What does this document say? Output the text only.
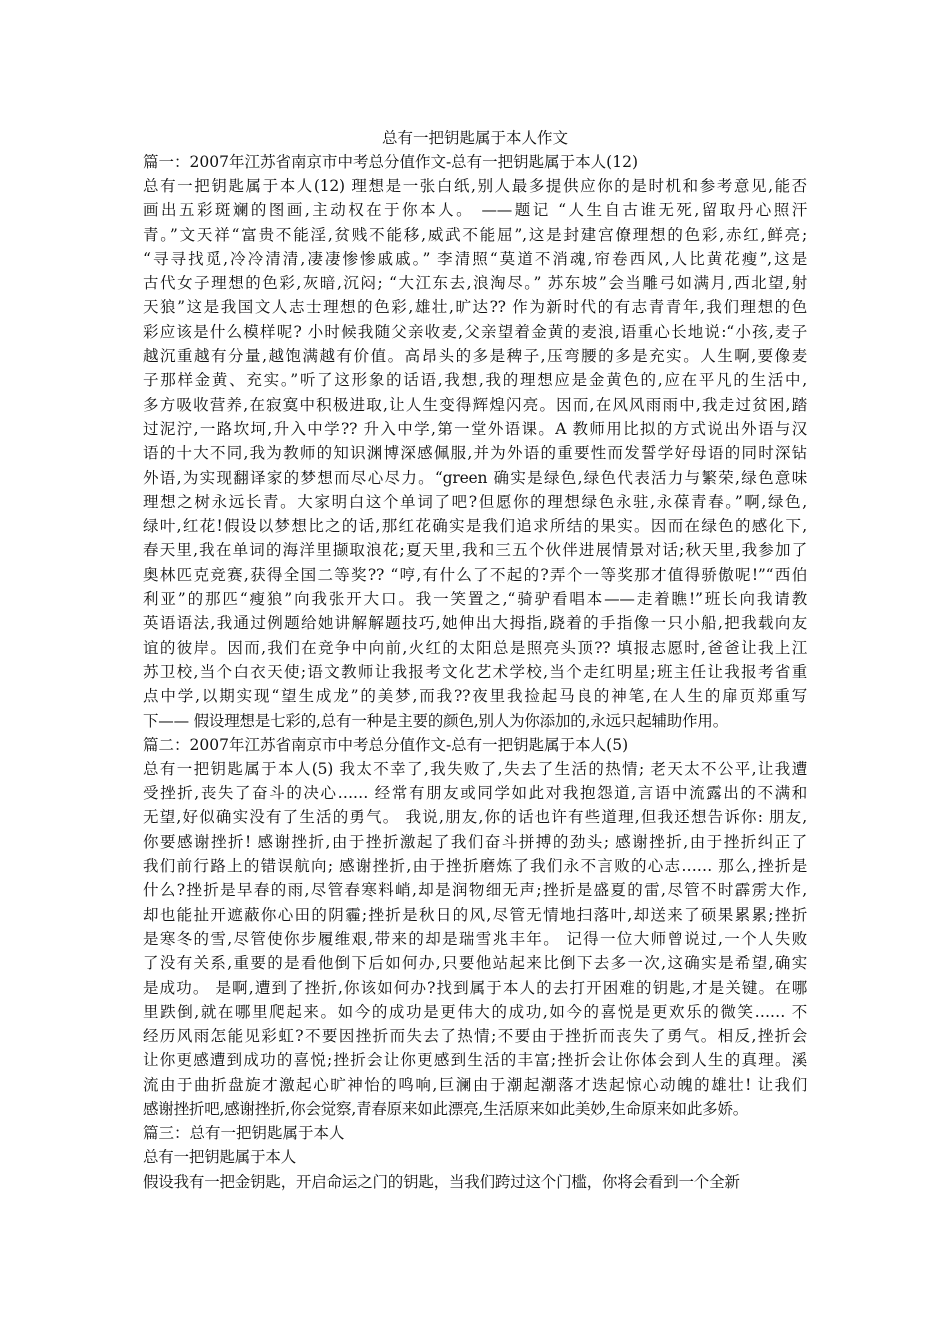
总有一把钥匙属于本人作文

篇一：2007年江苏省南京市中考总分值作文-总有一把钥匙属于本人(12)

总有一把钥匙属于本人(12) 理想是一张白纸,别人最多提供应你的是时机和参考意见,能否
画出五彩斑斓的图画,主动权在于你本人。 ——题记 “人生自古谁无死,留取丹心照汗
青。”文天祥“富贵不能淫,贫贱不能移,威武不能屈”,这是封建宫僚理想的色彩,赤红,鲜亮;
“寻寻找觅,冷冷清清,凄凄惨惨戚戚。” 李清照“莫道不消魂,帘卷西风,人比黄花瘦”,这是
古代女子理想的色彩,灰暗,沉闷; “大江东去,浪淘尽。” 苏东坡”会当雕弓如满月,西北望,射
天狼”这是我国文人志士理想的色彩,雄壮,旷达?? 作为新时代的有志青青年,我们理想的色
彩应该是什么模样呢? 小时候我随父亲收麦,父亲望着金黄的麦浪,语重心长地说:“小孩,麦子
越沉重越有分量,越饱满越有价值。高昂头的多是稗子,压弯腰的多是充实。人生啊,要像麦
子那样金黄、充实。”听了这形象的话语,我想,我的理想应是金黄色的,应在平凡的生活中,
多方吸收营养,在寂寞中积极进取,让人生变得辉煌闪亮。因而,在风风雨雨中,我走过贫困,踏
过泥泞,一路坎坷,升入中学?? 升入中学,第一堂外语课。A 教师用比拟的方式说出外语与汉
语的十大不同,我为教师的知识渊博深感佩服,并为外语的重要性而发誓学好母语的同时深钻
外语,为实现翻译家的梦想而尽心尽力。“green 确实是绿色,绿色代表活力与繁荣,绿色意味
理想之树永远长青。大家明白这个单词了吧?但愿你的理想绿色永驻,永葆青春。”啊,绿色,
绿叶,红花!假设以梦想比之的话,那红花确实是我们追求所结的果实。因而在绿色的感化下,
春天里,我在单词的海洋里撷取浪花;夏天里,我和三五个伙伴进展情景对话;秋天里,我参加了
奥林匹克竞赛,获得全国二等奖?? “哼,有什么了不起的?弄个一等奖那才值得骄傲呢!”“西伯
利亚”的那匹“瘦狼”向我张开大口。我一笑置之,“骑驴看唱本——走着瞧!”班长向我请教
英语语法,我通过例题给她讲解解题技巧,她伸出大拇指,跷着的手指像一只小船,把我载向友
谊的彼岸。因而,我们在竞争中向前,火红的太阳总是照亮头顶?? 填报志愿时,爸爸让我上江
苏卫校,当个白衣天使;语文教师让我报考文化艺术学校,当个走红明星;班主任让我报考省重
点中学,以期实现“望生成龙”的美梦,而我??夜里我捡起马良的神笔,在人生的扉页郑重写
下—— 假设理想是七彩的,总有一种是主要的颜色,别人为你添加的,永远只起辅助作用。

篇二：2007年江苏省南京市中考总分值作文-总有一把钥匙属于本人(5)

总有一把钥匙属于本人(5) 我太不幸了,我失败了,失去了生活的热情; 老天太不公平,让我遭
受挫折,丧失了奋斗的决心…… 经常有朋友或同学如此对我抱怨道,言语中流露出的不满和
无望,好似确实没有了生活的勇气。 我说,朋友,你的话也许有些道理,但我还想告诉你: 朋友,
你要感谢挫折! 感谢挫折,由于挫折激起了我们奋斗拼搏的劲头; 感谢挫折,由于挫折纠正了
我们前行路上的错误航向; 感谢挫折,由于挫折磨炼了我们永不言败的心志…… 那么,挫折是
什么?挫折是早春的雨,尽管春寒料峭,却是润物细无声;挫折是盛夏的雷,尽管不时霹雳大作,
却也能扯开遮蔽你心田的阴霾;挫折是秋日的风,尽管无情地扫落叶,却送来了硕果累累;挫折
是寒冬的雪,尽管使你步履维艰,带来的却是瑞雪兆丰年。 记得一位大师曾说过,一个人失败
了没有关系,重要的是看他倒下后如何办,只要他站起来比倒下去多一次,这确实是希望,确实
是成功。 是啊,遭到了挫折,你该如何办?找到属于本人的去打开困难的钥匙,才是关键。在哪
里跌倒,就在哪里爬起来。如今的成功是更伟大的成功,如今的喜悦是更欢乐的微笑…… 不
经历风雨怎能见彩虹?不要因挫折而失去了热情;不要由于挫折而丧失了勇气。相反,挫折会
让你更感遭到成功的喜悦;挫折会让你更感到生活的丰富;挫折会让你体会到人生的真理。溪
流由于曲折盘旋才激起心旷神怡的鸣响,巨澜由于潮起潮落才迭起惊心动魄的雄壮! 让我们
感谢挫折吧,感谢挫折,你会觉察,青春原来如此漂亮,生活原来如此美妙,生命原来如此多娇。

篇三：总有一把钥匙属于本人

总有一把钥匙属于本人
假设我有一把金钥匙，开启命运之门的钥匙，当我们跨过这个门槛，你将会看到一个全新
